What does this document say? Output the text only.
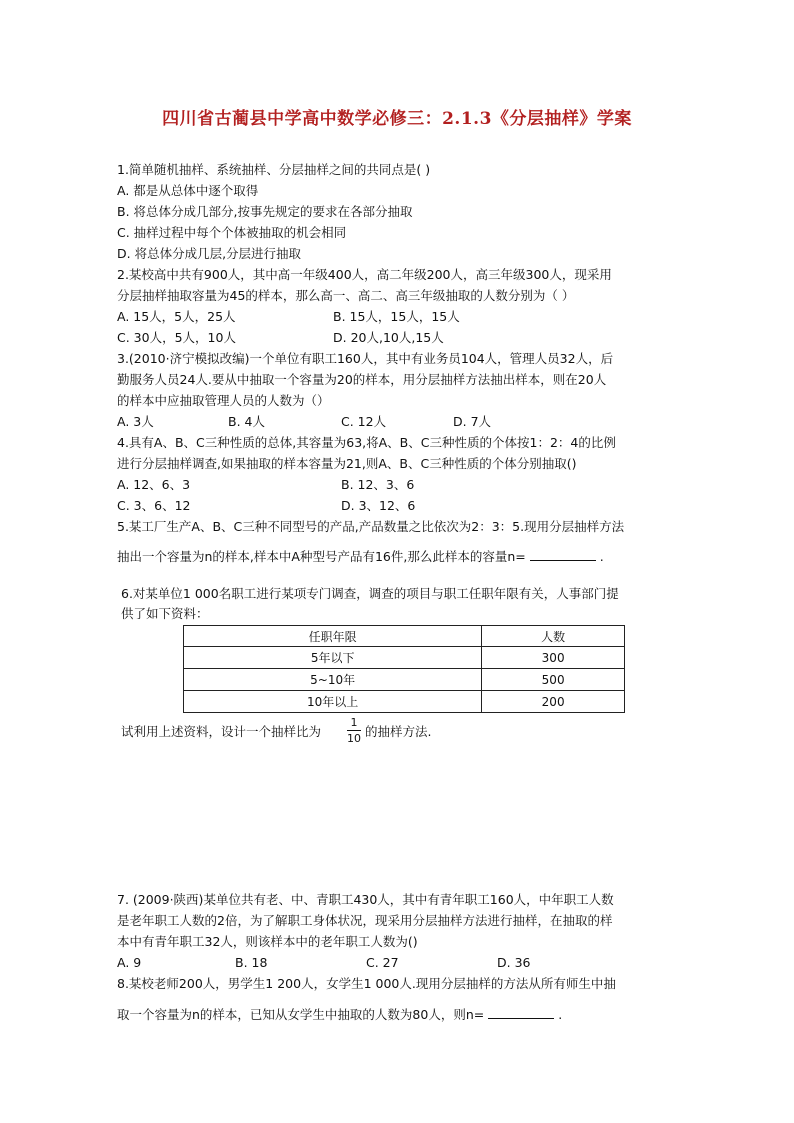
四川省古蔺县中学高中数学必修三：2.1.3《分层抽样》学案
1.简单随机抽样、系统抽样、分层抽样之间的共同点是( )
A. 都是从总体中逐个取得
B. 将总体分成几部分,按事先规定的要求在各部分抽取
C. 抽样过程中每个个体被抽取的机会相同
D. 将总体分成几层,分层进行抽取
2.某校高中共有900人，其中高一年级400人，高二年级200人，高三年级300人，现采用
分层抽样抽取容量为45的样本，那么高一、高二、高三年级抽取的人数分别为（ ）
A. 15人，5人，25人	B. 15人，15人，15人
C. 30人，5人，10人	D. 20人,10人,15人
3.(2010·济宁模拟改编)一个单位有职工160人，其中有业务员104人，管理人员32人，后
勤服务人员24人.要从中抽取一个容量为20的样本，用分层抽样方法抽出样本，则在20人
的样本中应抽取管理人员的人数为（）
A. 3人	B. 4人	C. 12人	D. 7人
4.具有A、B、C三种性质的总体,其容量为63,将A、B、C三种性质的个体按1：2：4的比例
进行分层抽样调查,如果抽取的样本容量为21,则A、B、C三种性质的个体分别抽取()
A. 12、6、3	B. 12、3、6
C. 3、6、12	D. 3、12、6
5.某工厂生产A、B、C三种不同型号的产品,产品数量之比依次为2：3：5.现用分层抽样方法
抽出一个容量为n的样本,样本中A种型号产品有16件,那么此样本的容量n=	.
6.对某单位1 000名职工进行某项专门调查，调查的项目与职工任职年限有关，人事部门提
供了如下资料：
任职年限	人数
5年以下	300
5~10年	500
10年以上	200
试利用上述资料，设计一个抽样比为
1
10 的抽样方法.
7. (2009·陕西)某单位共有老、中、青职工430人，其中有青年职工160人，中年职工人数
是老年职工人数的2倍，为了解职工身体状况，现采用分层抽样方法进行抽样，在抽取的样
本中有青年职工32人，则该样本中的老年职工人数为()
A. 9	B. 18	C. 27	D. 36
8.某校老师200人，男学生1 200人，女学生1 000人.现用分层抽样的方法从所有师生中抽
取一个容量为n的样本，已知从女学生中抽取的人数为80人，则n=	.
